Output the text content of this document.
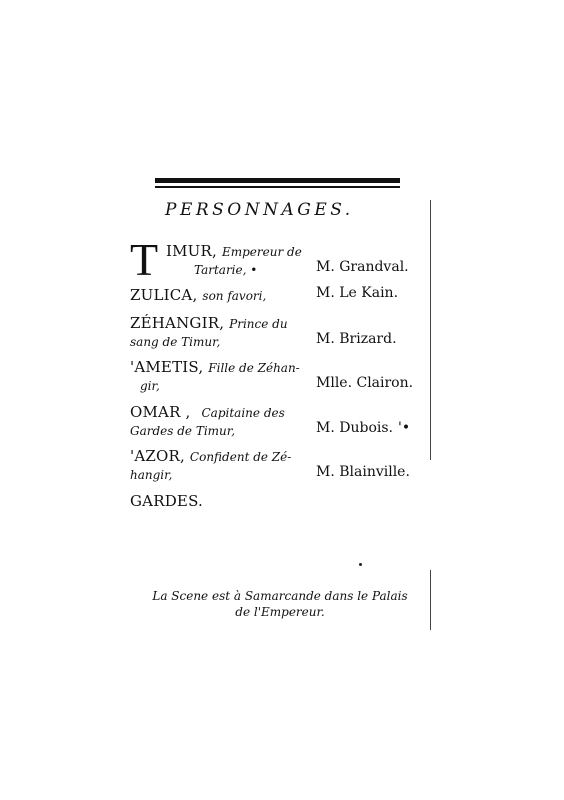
PERSONNAGES.
T IMUR, Empereur de
Tartarie, •	M. Grandval.
ZULICA, son favori,	M. Le Kain.
ZÉHANGIR, Prince du
sang de Timur,	M. Brizard.
'AMETIS, Fille de Zéhan-
gir,	Mlle. Clairon.
OMAR , Capitaine des
Gardes de Timur,	M. Dubois. '•
'AZOR, Confident de Zé-
hangir,	M. Blainville.
GARDES.
La Scene est à Samarcande dans le Palais
de l'Empereur.
